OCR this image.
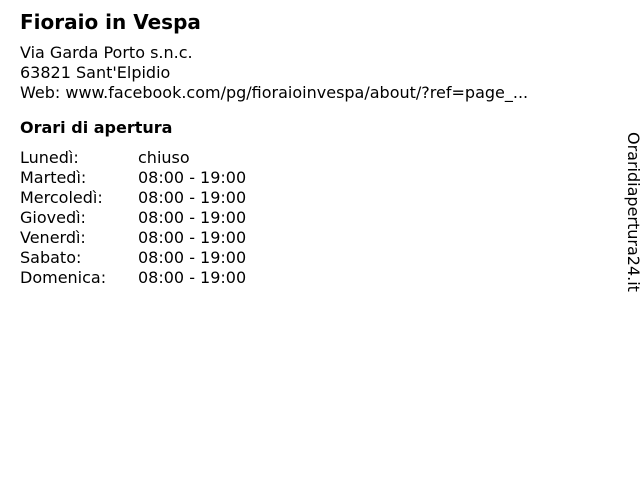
Fioraio in Vespa
Via Garda Porto s.n.c.
63821 Sant'Elpidio
Web: www.facebook.com/pg/fioraioinvespa/about/?ref=page_...
Orari di apertura
Lunedì:	chiuso
Martedì:	08:00 - 19:00
Mercoledì:	08:00 - 19:00
Giovedì:	08:00 - 19:00
Venerdì:	08:00 - 19:00
Sabato:	08:00 - 19:00
Domenica:	08:00 - 19:00	Oraridiapertura24.it
